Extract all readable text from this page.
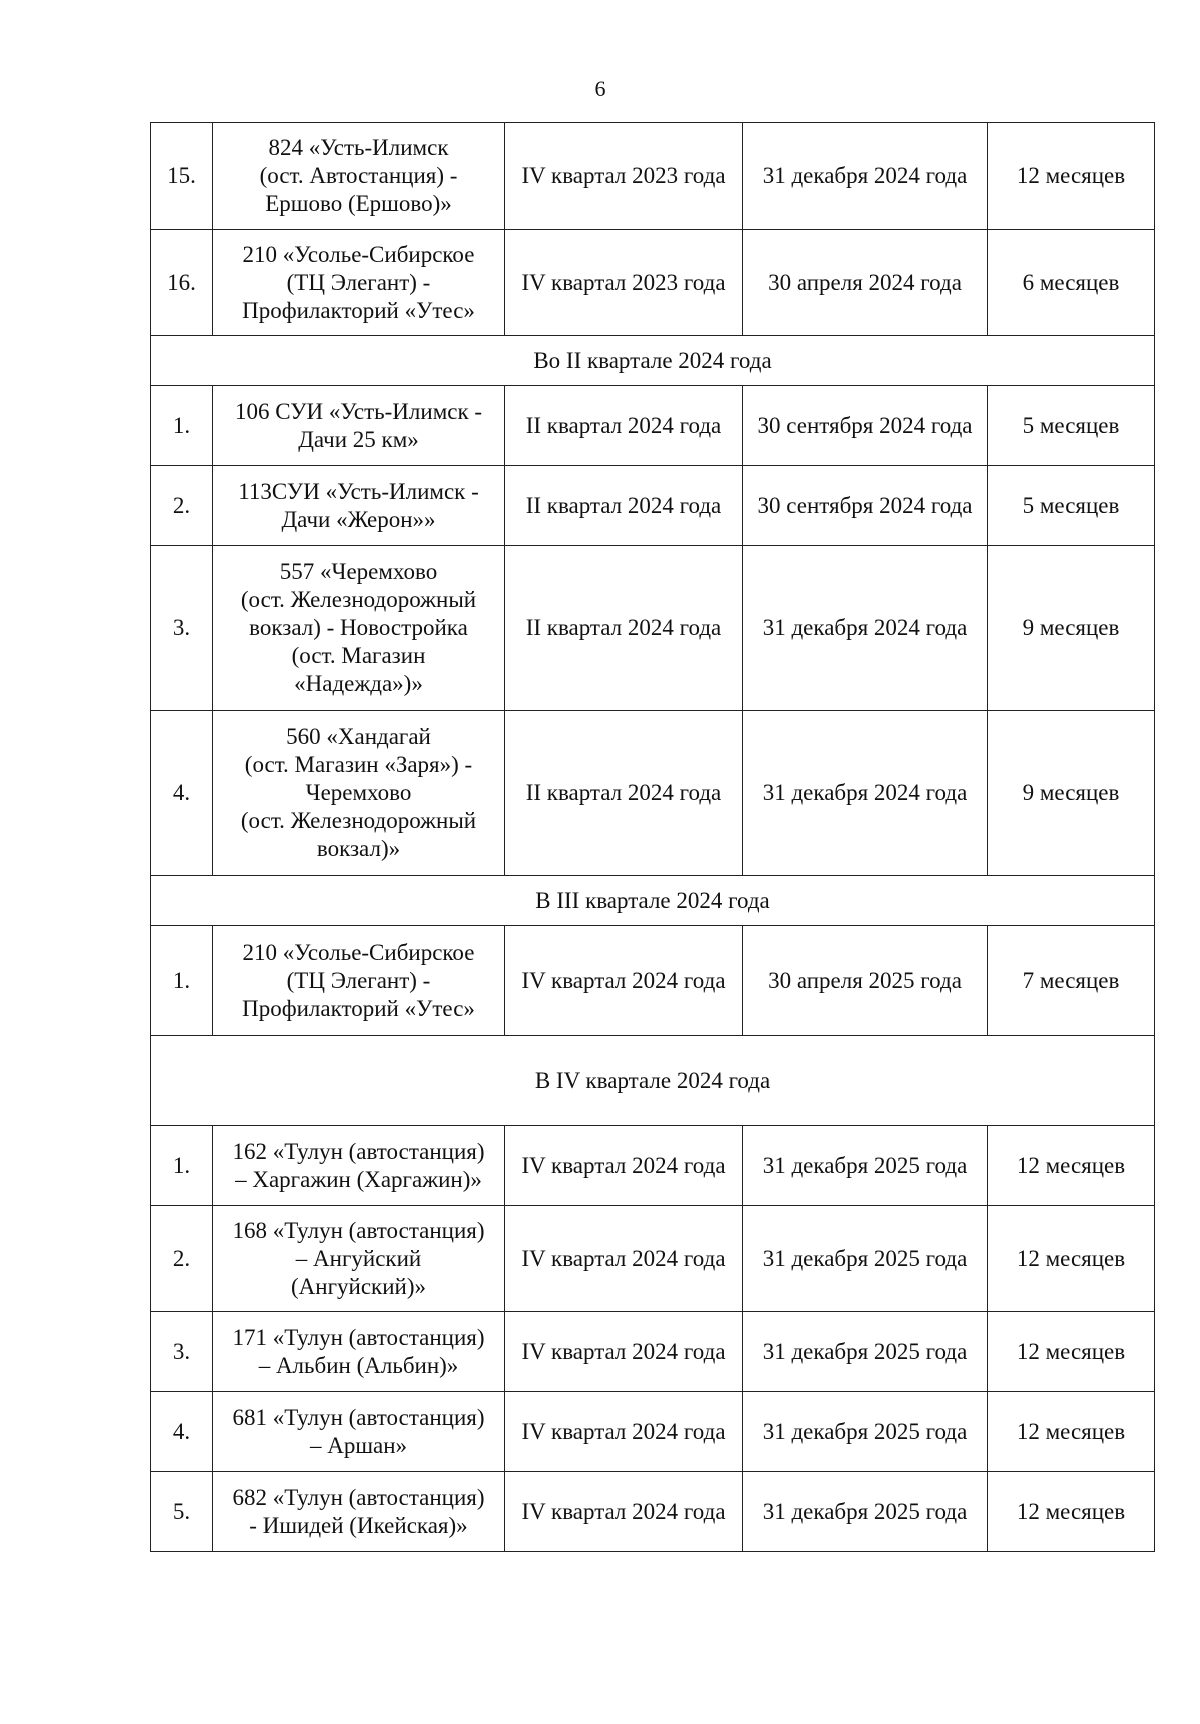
6
15.	824 «Усть-Илимск
(ост. Автостанция) -
Ершово (Ершово)»	IV квартал 2023 года	31 декабря 2024 года	12 месяцев
16.	210 «Усолье-Сибирское
(ТЦ Элегант) -
Профилакторий «Утес»	IV квартал 2023 года	30 апреля 2024 года	6 месяцев
Во II квартале 2024 года				
1.	106 СУИ «Усть-Илимск -
Дачи 25 км»	II квартал 2024 года	30 сентября 2024 года	5 месяцев
2.	113СУИ «Усть-Илимск -
Дачи «Жерон»»	II квартал 2024 года	30 сентября 2024 года	5 месяцев
3.	557 «Черемхово
(ост. Железнодорожный
вокзал) - Новостройка
(ост. Магазин
«Надежда»)»	II квартал 2024 года	31 декабря 2024 года	9 месяцев
4.	560 «Хандагай
(ост. Магазин «Заря») -
Черемхово
(ост. Железнодорожный
вокзал)»	II квартал 2024 года	31 декабря 2024 года	9 месяцев
В III квартале 2024 года				
1.	210 «Усолье-Сибирское
(ТЦ Элегант) -
Профилакторий «Утес»	IV квартал 2024 года	30 апреля 2025 года	7 месяцев
В IV квартале 2024 года				
1.	162 «Тулун (автостанция)
– Харгажин (Харгажин)»	IV квартал 2024 года	31 декабря 2025 года	12 месяцев
2.	168 «Тулун (автостанция)
– Ангуйский
(Ангуйский)»	IV квартал 2024 года	31 декабря 2025 года	12 месяцев
3.	171 «Тулун (автостанция)
– Альбин (Альбин)»	IV квартал 2024 года	31 декабря 2025 года	12 месяцев
4.	681 «Тулун (автостанция)
– Аршан»	IV квартал 2024 года	31 декабря 2025 года	12 месяцев
5.	682 «Тулун (автостанция)
- Ишидей (Икейская)»	IV квартал 2024 года	31 декабря 2025 года	12 месяцев
